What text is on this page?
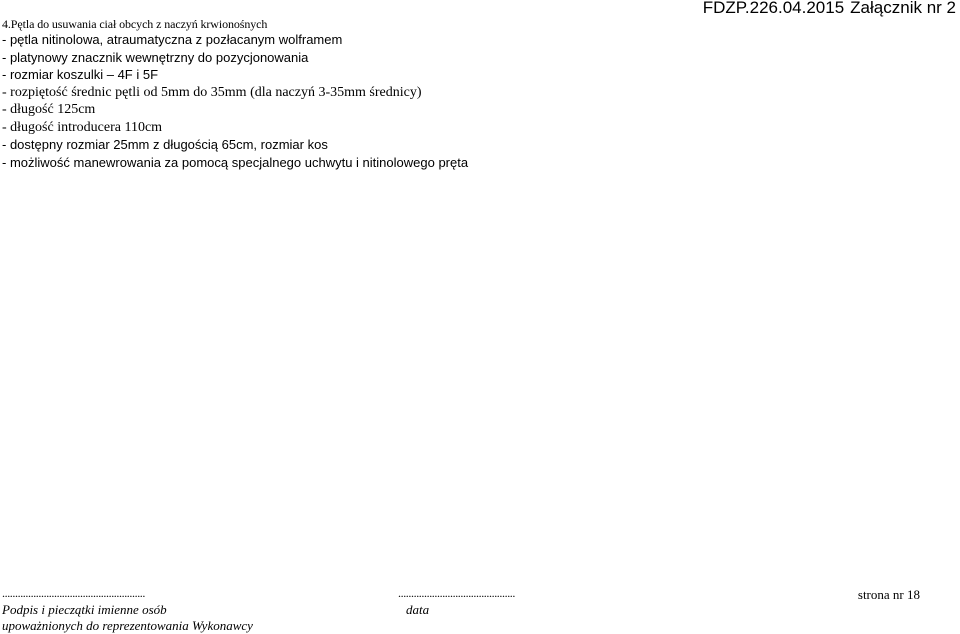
FDZP.226.04.2015 Załącznik nr 2
4.Pętla do usuwania ciał obcych z naczyń krwionośnych
- pętla nitinolowa, atraumatyczna z pozłacanym wolframem
- platynowy znacznik wewnętrzny do pozycjonowania
- rozmiar koszulki – 4F i 5F
- rozpiętość średnic pętli od 5mm do 35mm (dla naczyń 3-35mm średnicy)
- długość 125cm
- długość introducera 110cm
- dostępny rozmiar 25mm z długością 65cm, rozmiar kos
- możliwość manewrowania za pomocą specjalnego uchwytu i nitinolowego pręta
.......................................................	.............................................	strona nr 18
Podpis i pieczątki imienne osób	data
upoważnionych do reprezentowania Wykonawcy
